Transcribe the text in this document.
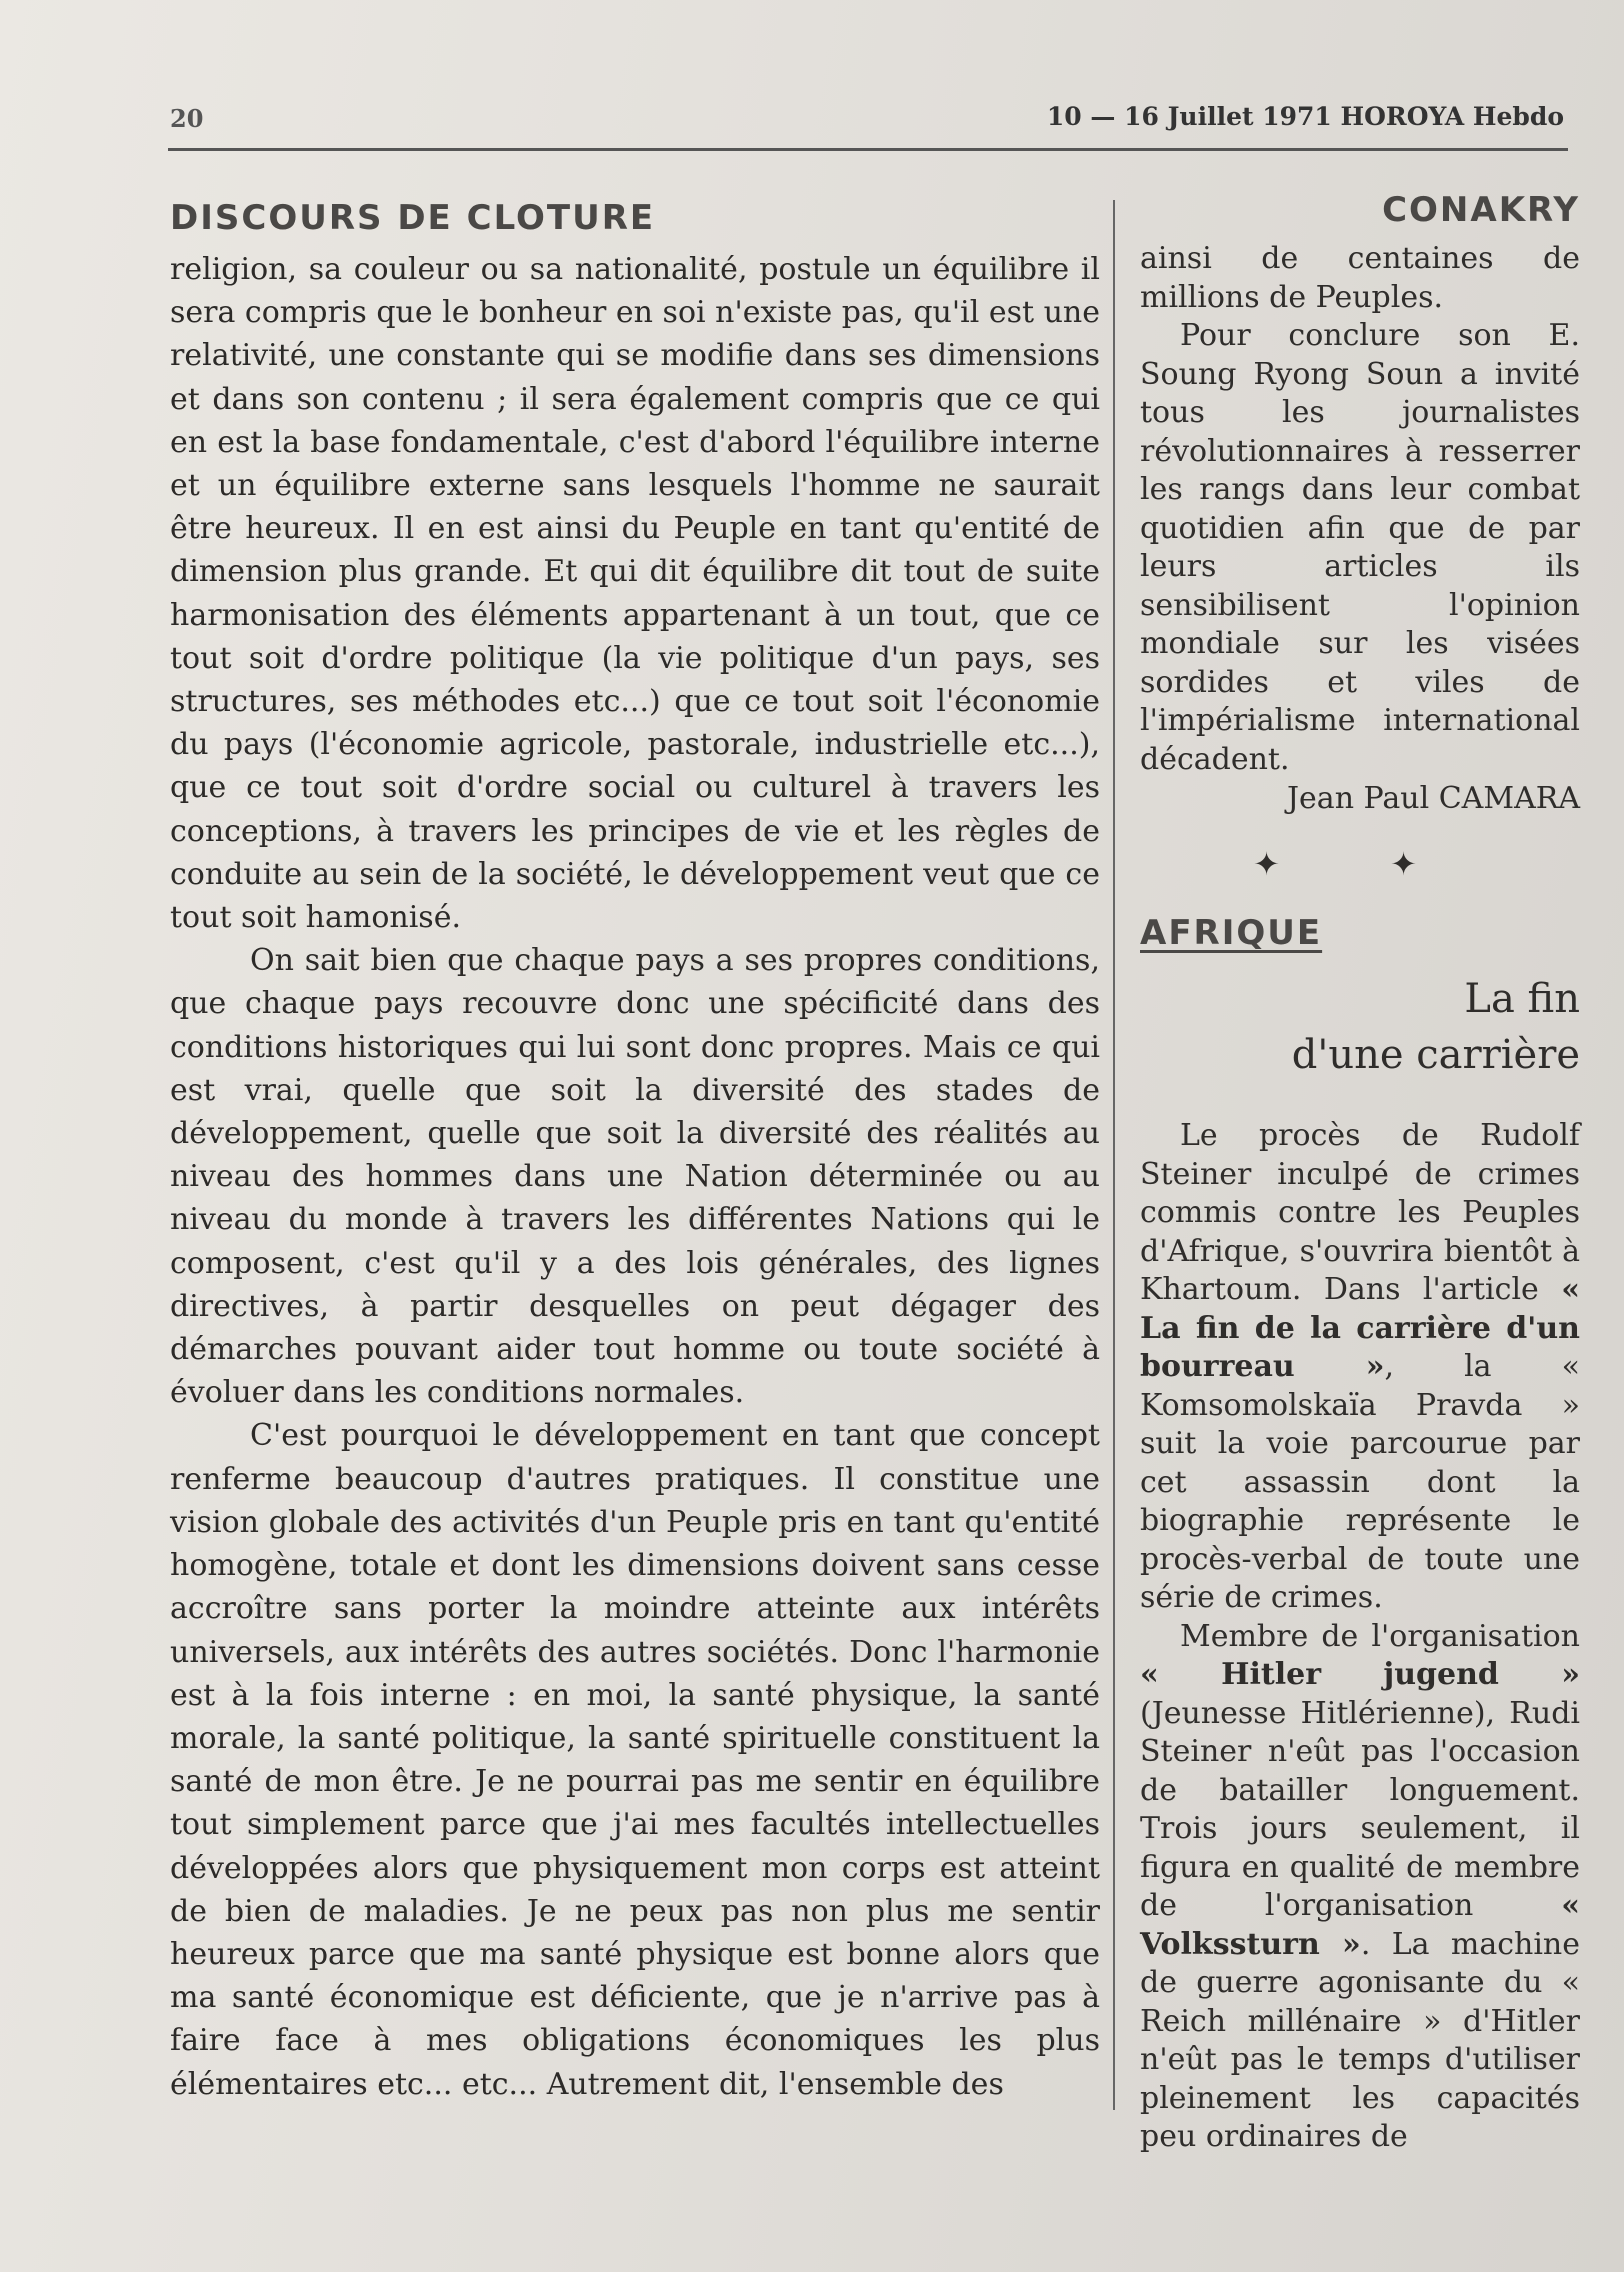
20	10 — 16 Juillet 1971 HOROYA Hebdo
DISCOURS DE CLOTURE

religion, sa couleur ou sa nationalité, postule un équilibre il sera compris que le bonheur en soi n'existe pas, qu'il est une relativité, une constante qui se modifie dans ses dimensions et dans son contenu ; il sera également compris que ce qui en est la base fondamentale, c'est d'abord l'équilibre interne et un équilibre externe sans lesquels l'homme ne saurait être heureux. Il en est ainsi du Peuple en tant qu'entité de dimension plus grande. Et qui dit équilibre dit tout de suite harmonisation des éléments appartenant à un tout, que ce tout soit d'ordre politique (la vie politique d'un pays, ses structures, ses méthodes etc...) que ce tout soit l'économie du pays (l'économie agricole, pastorale, industrielle etc...), que ce tout soit d'ordre social ou culturel à travers les conceptions, à travers les principes de vie et les règles de conduite au sein de la société, le développement veut que ce tout soit hamonisé.

On sait bien que chaque pays a ses propres conditions, que chaque pays recouvre donc une spécificité dans des conditions historiques qui lui sont donc propres. Mais ce qui est vrai, quelle que soit la diversité des stades de développement, quelle que soit la diversité des réalités au niveau des hommes dans une Nation déterminée ou au niveau du monde à travers les différentes Nations qui le composent, c'est qu'il y a des lois générales, des lignes directives, à partir desquelles on peut dégager des démarches pouvant aider tout homme ou toute société à évoluer dans les conditions normales.

C'est pourquoi le développement en tant que concept renferme beaucoup d'autres pratiques. Il constitue une vision globale des activités d'un Peuple pris en tant qu'entité homogène, totale et dont les dimensions doivent sans cesse accroître sans porter la moindre atteinte aux intérêts universels, aux intérêts des autres sociétés. Donc l'harmonie est à la fois interne : en moi, la santé physique, la santé morale, la santé politique, la santé spirituelle constituent la santé de mon être. Je ne pourrai pas me sentir en équilibre tout simplement parce que j'ai mes facultés intellectuelles développées alors que physiquement mon corps est atteint de bien de maladies. Je ne peux pas non plus me sentir heureux parce que ma santé physique est bonne alors que ma santé économique est déficiente, que je n'arrive pas à faire face à mes obligations économiques les plus élémentaires etc... etc... Autrement dit, l'ensemble des

CONAKRY

ainsi de centaines de millions de Peuples.

Pour conclure son E. Soung Ryong Soun a invité tous les journalistes révolutionnaires à resserrer les rangs dans leur combat quotidien afin que de par leurs articles ils sensibilisent l'opinion mondiale sur les visées sordides et viles de l'impérialisme international décadent.

Jean Paul CAMARA

✦ ✦

AFRIQUE
La fin
d'une carrière

Le procès de Rudolf Steiner inculpé de crimes commis contre les Peuples d'Afrique, s'ouvrira bientôt à Khartoum. Dans l'article « La fin de la carrière d'un bourreau », la « Komsomolskaïa Pravda » suit la voie parcourue par cet assassin dont la biographie représente le procès-verbal de toute une série de crimes.

Membre de l'organisation « Hitler jugend » (Jeunesse Hitlérienne), Rudi Steiner n'eût pas l'occasion de batailler longuement. Trois jours seulement, il figura en qualité de membre de l'organisation « Volkssturn ». La machine de guerre agonisante du « Reich millénaire » d'Hitler n'eût pas le temps d'utiliser pleinement les capacités peu ordinaires de
